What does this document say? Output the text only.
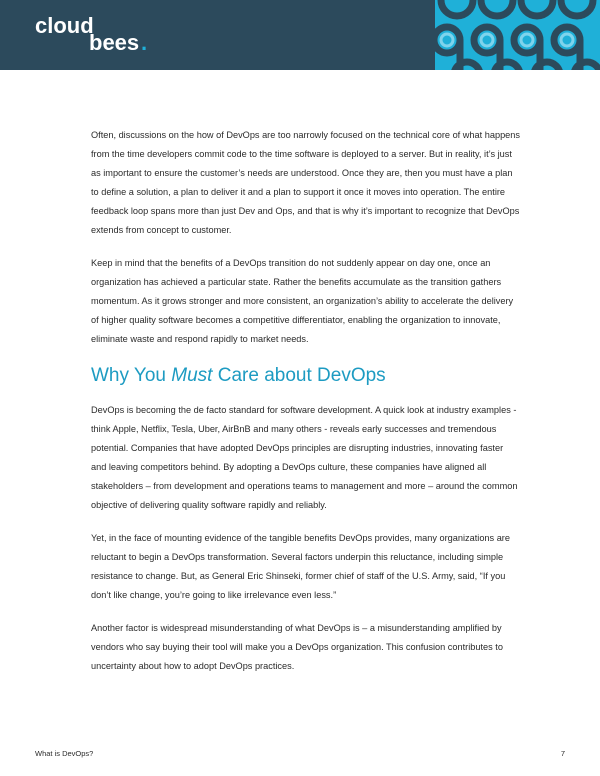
cloud
bees .

Often, discussions on the how of DevOps are too narrowly focused on the technical core of what happens from the time developers commit code to the time software is deployed to a server. But in reality, it’s just as important to ensure the customer’s needs are understood. Once they are, then you must have a plan to define a solution, a plan to deliver it and a plan to support it once it moves into operation. The entire feedback loop spans more than just Dev and Ops, and that is why it’s important to recognize that DevOps extends from concept to customer.

Keep in mind that the benefits of a DevOps transition do not suddenly appear on day one, once an organization has achieved a particular state. Rather the benefits accumulate as the transition gathers momentum. As it grows stronger and more consistent, an organization’s ability to accelerate the delivery of higher quality software becomes a competitive differentiator, enabling the organization to innovate, eliminate waste and respond rapidly to market needs.

Why You Must Care about DevOps

DevOps is becoming the de facto standard for software development. A quick look at industry examples - think Apple, Netflix, Tesla, Uber, AirBnB and many others - reveals early successes and tremendous potential. Companies that have adopted DevOps principles are disrupting industries, innovating faster and leaving competitors behind. By adopting a DevOps culture, these companies have aligned all stakeholders – from development and operations teams to management and more – around the common objective of delivering quality software rapidly and reliably.

Yet, in the face of mounting evidence of the tangible benefits DevOps provides, many organizations are reluctant to begin a DevOps transformation. Several factors underpin this reluctance, including simple resistance to change. But, as General Eric Shinseki, former chief of staff of the U.S. Army, said, “If you don’t like change, you’re going to like irrelevance even less.”

Another factor is widespread misunderstanding of what DevOps is – a misunderstanding amplified by vendors who say buying their tool will make you a DevOps organization. This confusion contributes to uncertainty about how to adopt DevOps practices.

What is DevOps?	7
